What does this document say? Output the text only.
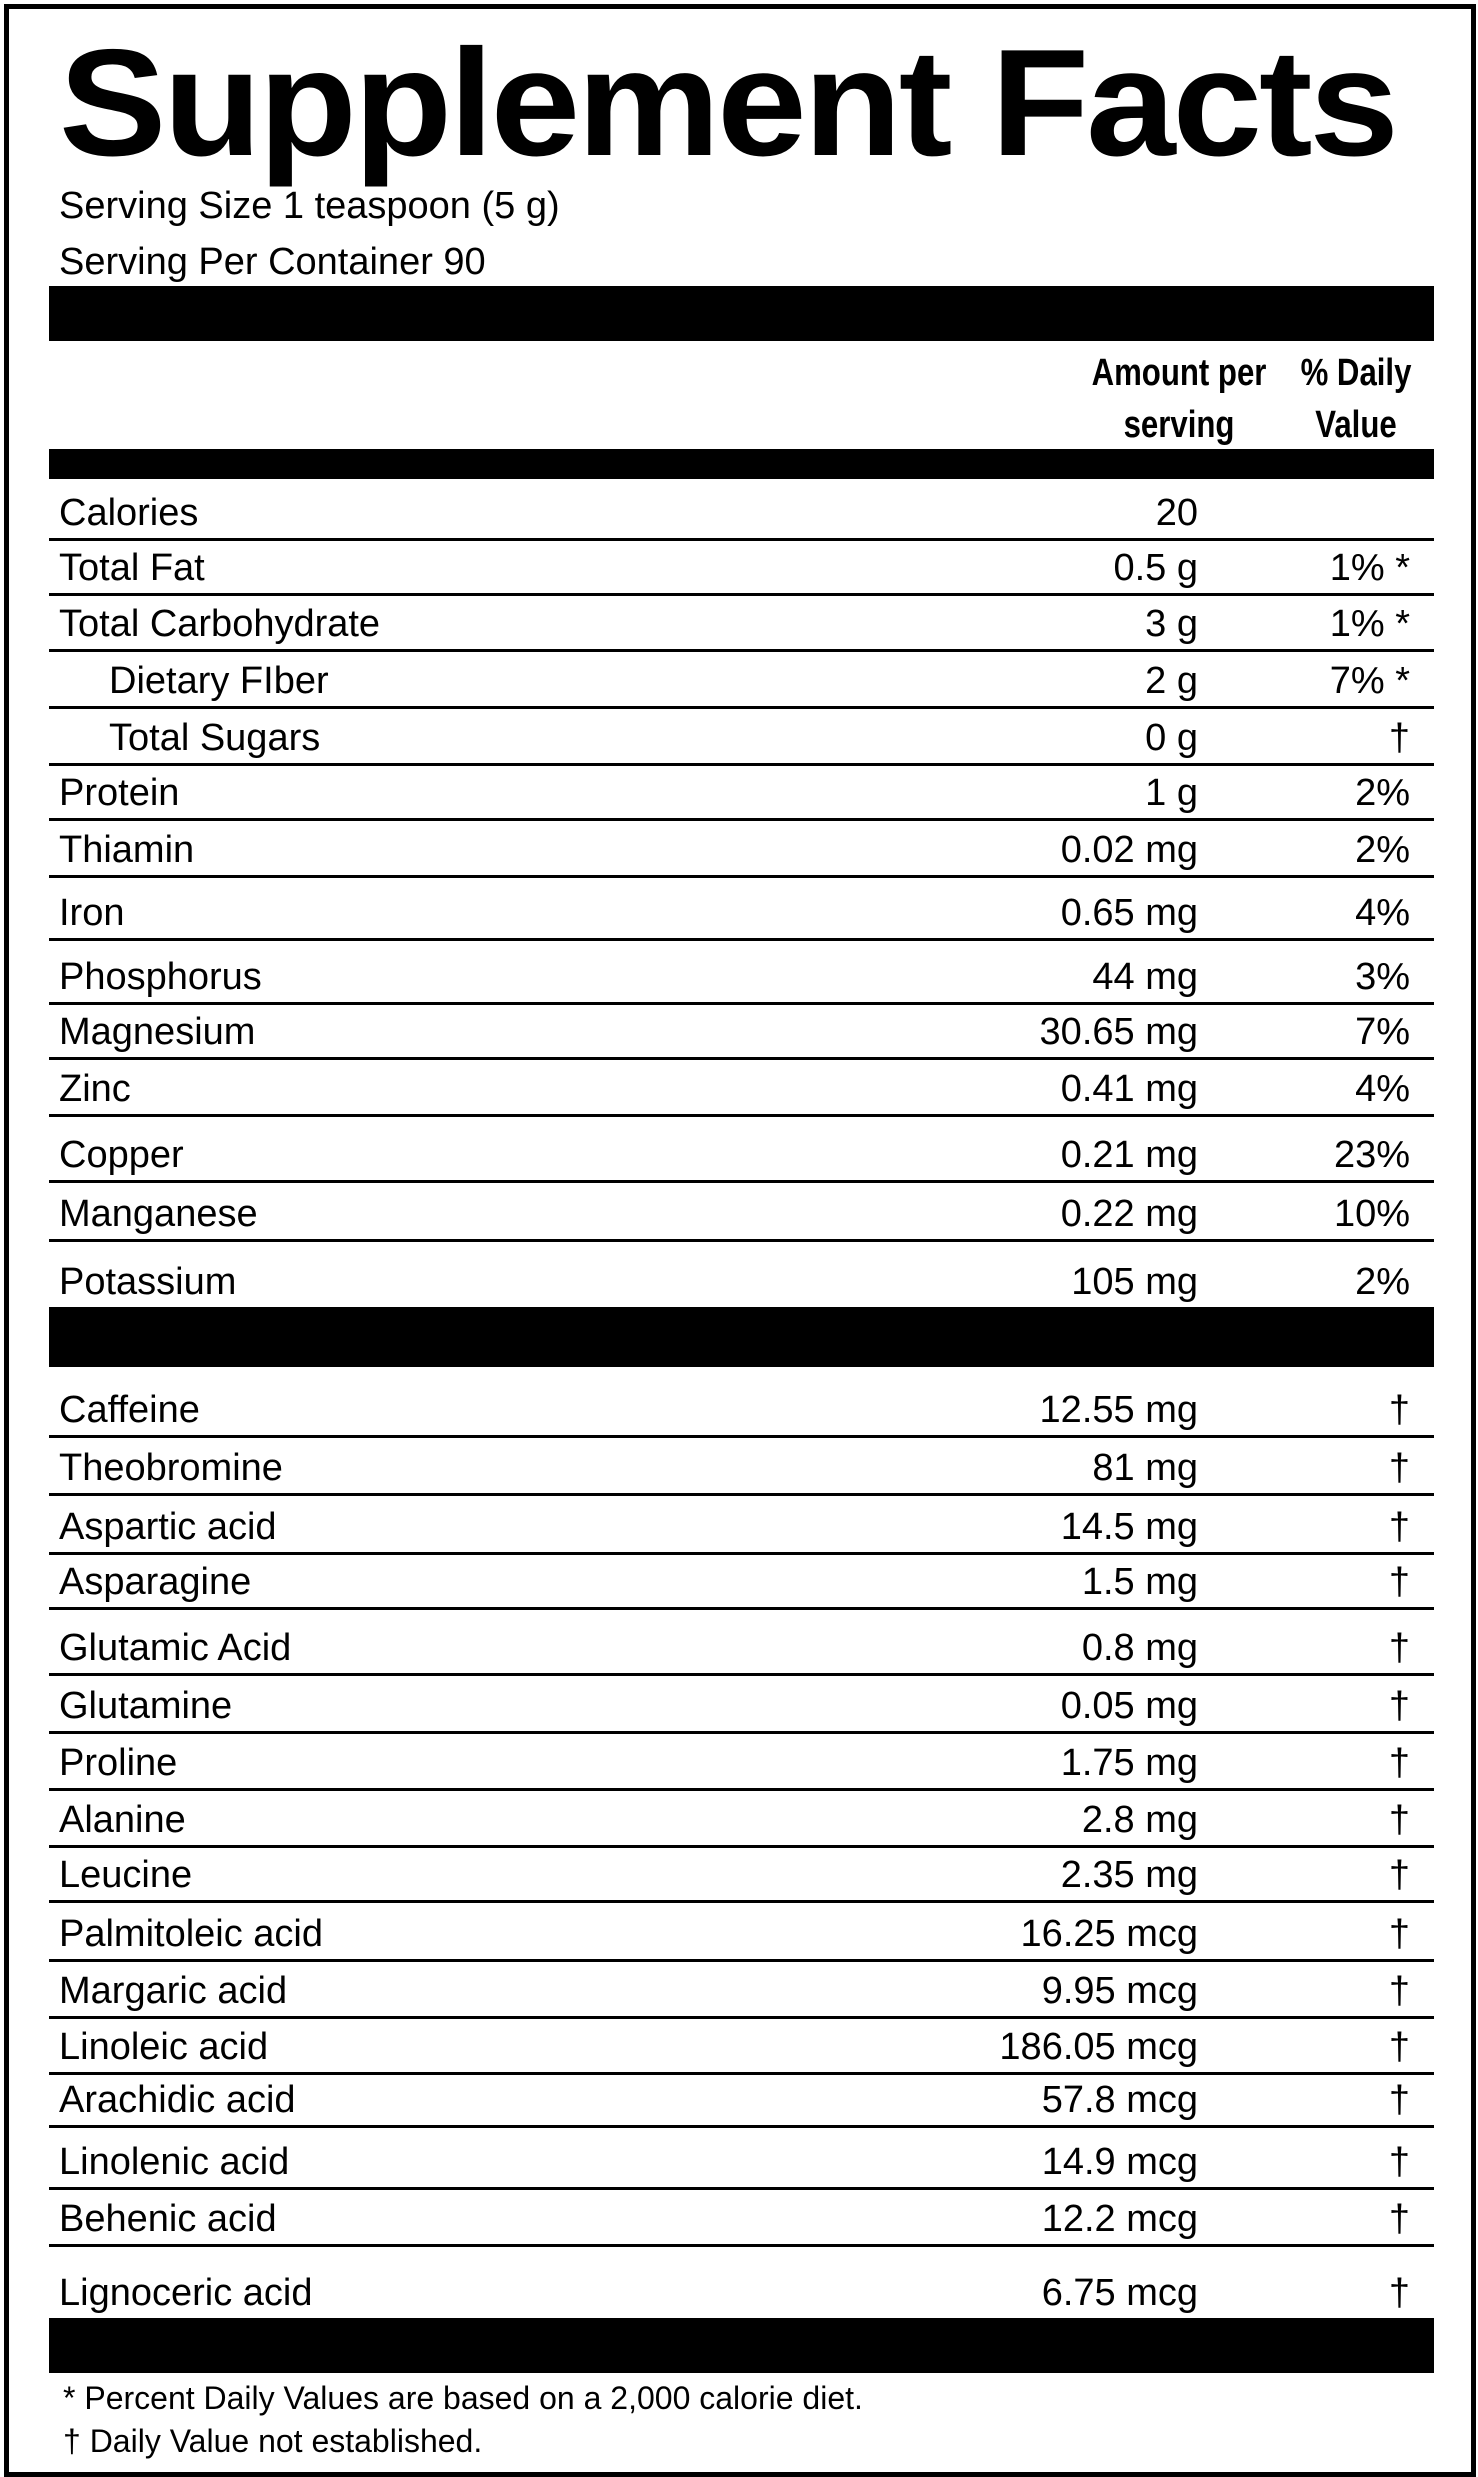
Supplement Facts
Serving Size 1 teaspoon (5 g)
Serving Per Container 90
Amount per
serving
% Daily
Value
Calories	20
Total Fat	0.5 g	1% *
Total Carbohydrate	3 g	1% *
Dietary FIber	2 g	7% *
Total Sugars	0 g	†
Protein	1 g	2%
Thiamin	0.02 mg	2%
Iron	0.65 mg	4%
Phosphorus	44 mg	3%
Magnesium	30.65 mg	7%
Zinc	0.41 mg	4%
Copper	0.21 mg	23%
Manganese	0.22 mg	10%
Potassium	105 mg	2%
Caffeine	12.55 mg	†
Theobromine	81 mg	†
Aspartic acid	14.5 mg	†
Asparagine	1.5 mg	†
Glutamic Acid	0.8 mg	†
Glutamine	0.05 mg	†
Proline	1.75 mg	†
Alanine	2.8 mg	†
Leucine	2.35 mg	†
Palmitoleic acid	16.25 mcg	†
Margaric acid	9.95 mcg	†
Linoleic acid	186.05 mcg	†
Arachidic acid	57.8 mcg	†
Linolenic acid	14.9 mcg	†
Behenic acid	12.2 mcg	†
Lignoceric acid	6.75 mcg	†
* Percent Daily Values are based on a 2,000 calorie diet.
† Daily Value not established.
